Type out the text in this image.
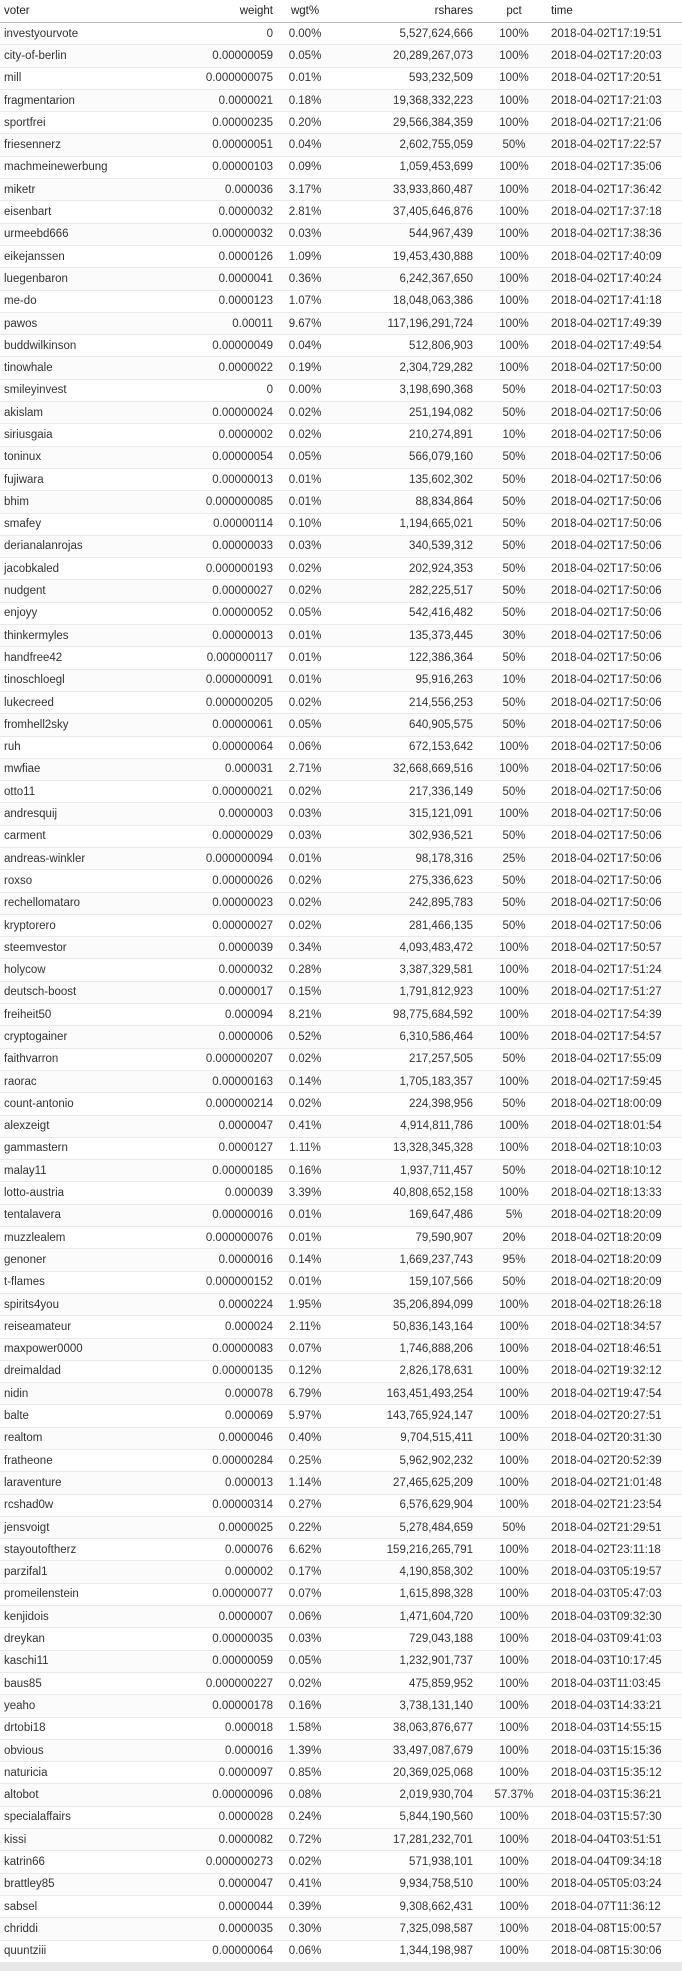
voter	weight	wgt%	rshares	pct	time
investyourvote	0	0.00%	5,527,624,666	100%	2018-04-02T17:19:51
city-of-berlin	0.00000059	0.05%	20,289,267,073	100%	2018-04-02T17:20:03
mill	0.000000075	0.01%	593,232,509	100%	2018-04-02T17:20:51
fragmentarion	0.0000021	0.18%	19,368,332,223	100%	2018-04-02T17:21:03
sportfrei	0.00000235	0.20%	29,566,384,359	100%	2018-04-02T17:21:06
friesennerz	0.00000051	0.04%	2,602,755,059	50%	2018-04-02T17:22:57
machmeinewerbung	0.00000103	0.09%	1,059,453,699	100%	2018-04-02T17:35:06
miketr	0.000036	3.17%	33,933,860,487	100%	2018-04-02T17:36:42
eisenbart	0.0000032	2.81%	37,405,646,876	100%	2018-04-02T17:37:18
urmeebd666	0.00000032	0.03%	544,967,439	100%	2018-04-02T17:38:36
eikejanssen	0.0000126	1.09%	19,453,430,888	100%	2018-04-02T17:40:09
luegenbaron	0.0000041	0.36%	6,242,367,650	100%	2018-04-02T17:40:24
me-do	0.0000123	1.07%	18,048,063,386	100%	2018-04-02T17:41:18
pawos	0.00011	9.67%	117,196,291,724	100%	2018-04-02T17:49:39
buddwilkinson	0.00000049	0.04%	512,806,903	100%	2018-04-02T17:49:54
tinowhale	0.0000022	0.19%	2,304,729,282	100%	2018-04-02T17:50:00
smileyinvest	0	0.00%	3,198,690,368	50%	2018-04-02T17:50:03
akislam	0.00000024	0.02%	251,194,082	50%	2018-04-02T17:50:06
siriusgaia	0.0000002	0.02%	210,274,891	10%	2018-04-02T17:50:06
toninux	0.00000054	0.05%	566,079,160	50%	2018-04-02T17:50:06
fujiwara	0.00000013	0.01%	135,602,302	50%	2018-04-02T17:50:06
bhim	0.000000085	0.01%	88,834,864	50%	2018-04-02T17:50:06
smafey	0.00000114	0.10%	1,194,665,021	50%	2018-04-02T17:50:06
derianalanrojas	0.00000033	0.03%	340,539,312	50%	2018-04-02T17:50:06
jacobkaled	0.000000193	0.02%	202,924,353	50%	2018-04-02T17:50:06
nudgent	0.00000027	0.02%	282,225,517	50%	2018-04-02T17:50:06
enjoyy	0.00000052	0.05%	542,416,482	50%	2018-04-02T17:50:06
thinkermyles	0.00000013	0.01%	135,373,445	30%	2018-04-02T17:50:06
handfree42	0.000000117	0.01%	122,386,364	50%	2018-04-02T17:50:06
tinoschloegl	0.000000091	0.01%	95,916,263	10%	2018-04-02T17:50:06
lukecreed	0.000000205	0.02%	214,556,253	50%	2018-04-02T17:50:06
fromhell2sky	0.00000061	0.05%	640,905,575	50%	2018-04-02T17:50:06
ruh	0.00000064	0.06%	672,153,642	100%	2018-04-02T17:50:06
mwfiae	0.000031	2.71%	32,668,669,516	100%	2018-04-02T17:50:06
otto11	0.00000021	0.02%	217,336,149	50%	2018-04-02T17:50:06
andresquij	0.0000003	0.03%	315,121,091	100%	2018-04-02T17:50:06
carment	0.00000029	0.03%	302,936,521	50%	2018-04-02T17:50:06
andreas-winkler	0.000000094	0.01%	98,178,316	25%	2018-04-02T17:50:06
roxso	0.00000026	0.02%	275,336,623	50%	2018-04-02T17:50:06
rechellomataro	0.00000023	0.02%	242,895,783	50%	2018-04-02T17:50:06
kryptorero	0.00000027	0.02%	281,466,135	50%	2018-04-02T17:50:06
steemvestor	0.0000039	0.34%	4,093,483,472	100%	2018-04-02T17:50:57
holycow	0.0000032	0.28%	3,387,329,581	100%	2018-04-02T17:51:24
deutsch-boost	0.0000017	0.15%	1,791,812,923	100%	2018-04-02T17:51:27
freiheit50	0.000094	8.21%	98,775,684,592	100%	2018-04-02T17:54:39
cryptogainer	0.0000006	0.52%	6,310,586,464	100%	2018-04-02T17:54:57
faithvarron	0.000000207	0.02%	217,257,505	50%	2018-04-02T17:55:09
raorac	0.00000163	0.14%	1,705,183,357	100%	2018-04-02T17:59:45
count-antonio	0.000000214	0.02%	224,398,956	50%	2018-04-02T18:00:09
alexzeigt	0.0000047	0.41%	4,914,811,786	100%	2018-04-02T18:01:54
gammastern	0.0000127	1.11%	13,328,345,328	100%	2018-04-02T18:10:03
malay11	0.00000185	0.16%	1,937,711,457	50%	2018-04-02T18:10:12
lotto-austria	0.000039	3.39%	40,808,652,158	100%	2018-04-02T18:13:33
tentalavera	0.00000016	0.01%	169,647,486	5%	2018-04-02T18:20:09
muzzlealem	0.000000076	0.01%	79,590,907	20%	2018-04-02T18:20:09
genoner	0.0000016	0.14%	1,669,237,743	95%	2018-04-02T18:20:09
t-flames	0.000000152	0.01%	159,107,566	50%	2018-04-02T18:20:09
spirits4you	0.0000224	1.95%	35,206,894,099	100%	2018-04-02T18:26:18
reiseamateur	0.000024	2.11%	50,836,143,164	100%	2018-04-02T18:34:57
maxpower0000	0.00000083	0.07%	1,746,888,206	100%	2018-04-02T18:46:51
dreimaldad	0.00000135	0.12%	2,826,178,631	100%	2018-04-02T19:32:12
nidin	0.000078	6.79%	163,451,493,254	100%	2018-04-02T19:47:54
balte	0.000069	5.97%	143,765,924,147	100%	2018-04-02T20:27:51
realtom	0.0000046	0.40%	9,704,515,411	100%	2018-04-02T20:31:30
fratheone	0.00000284	0.25%	5,962,902,232	100%	2018-04-02T20:52:39
laraventure	0.000013	1.14%	27,465,625,209	100%	2018-04-02T21:01:48
rcshad0w	0.00000314	0.27%	6,576,629,904	100%	2018-04-02T21:23:54
jensvoigt	0.0000025	0.22%	5,278,484,659	50%	2018-04-02T21:29:51
stayoutoftherz	0.000076	6.62%	159,216,265,791	100%	2018-04-02T23:11:18
parzifal1	0.000002	0.17%	4,190,858,302	100%	2018-04-03T05:19:57
promeilenstein	0.00000077	0.07%	1,615,898,328	100%	2018-04-03T05:47:03
kenjidois	0.0000007	0.06%	1,471,604,720	100%	2018-04-03T09:32:30
dreykan	0.00000035	0.03%	729,043,188	100%	2018-04-03T09:41:03
kaschi11	0.00000059	0.05%	1,232,901,737	100%	2018-04-03T10:17:45
baus85	0.000000227	0.02%	475,859,952	100%	2018-04-03T11:03:45
yeaho	0.00000178	0.16%	3,738,131,140	100%	2018-04-03T14:33:21
drtobi18	0.000018	1.58%	38,063,876,677	100%	2018-04-03T14:55:15
obvious	0.000016	1.39%	33,497,087,679	100%	2018-04-03T15:15:36
naturicia	0.0000097	0.85%	20,369,025,068	100%	2018-04-03T15:35:12
altobot	0.00000096	0.08%	2,019,930,704	57.37%	2018-04-03T15:36:21
specialaffairs	0.0000028	0.24%	5,844,190,560	100%	2018-04-03T15:57:30
kissi	0.0000082	0.72%	17,281,232,701	100%	2018-04-04T03:51:51
katrin66	0.000000273	0.02%	571,938,101	100%	2018-04-04T09:34:18
brattley85	0.0000047	0.41%	9,934,758,510	100%	2018-04-05T05:03:24
sabsel	0.0000044	0.39%	9,308,662,431	100%	2018-04-07T11:36:12
chriddi	0.0000035	0.30%	7,325,098,587	100%	2018-04-08T15:00:57
quuntziii	0.00000064	0.06%	1,344,198,987	100%	2018-04-08T15:30:06
